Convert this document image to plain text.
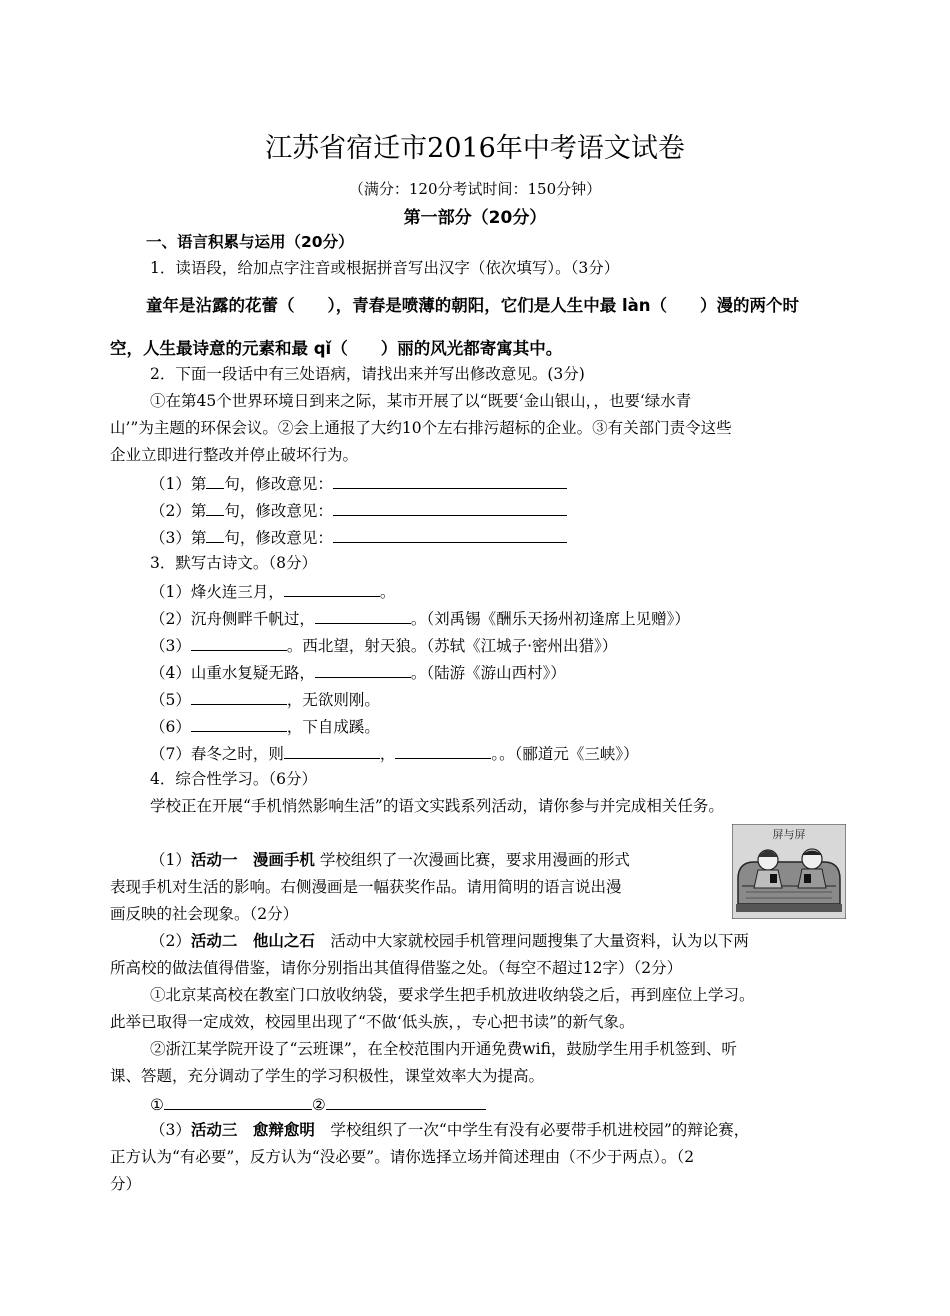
江苏省宿迁市2016年中考语文试卷
（满分：120分考试时间：150分钟）
第一部分（20分）
一、语言积累与运用（20分）
1．读语段，给加点字注音或根据拼音写出汉字（依次填写）。（3分）
童年是沾露的花蕾（　　），青春是喷薄的朝阳，它们是人生中最 làn（　　）漫的两个时
空，人生最诗意的元素和最 qǐ（　　）丽的风光都寄寓其中。
2．下面一段话中有三处语病，请找出来并写出修改意见。(3分)
①在第45个世界环境日到来之际，某市开展了以“既要‘金山银山，，也要‘绿水青
山’”为主题的环保会议。②会上通报了大约10个左右排污超标的企业。③有关部门责令这些
企业立即进行整改并停止破坏行为。
（1）第 句，修改意见：
（2）第 句，修改意见：
（3）第 句，修改意见：
3．默写古诗文。（8分）
（1）烽火连三月，	。
（2）沉舟侧畔千帆过，	。（刘禹锡《酬乐天扬州初逢席上见赠》）
（3）	。西北望，射天狼。（苏轼《江城子·密州出猎》）
（4）山重水复疑无路，	。（陆游《游山西村》）
（5）	，无欲则刚。
（6）	，下自成蹊。
（7）春冬之时，则	，	。。（郦道元《三峡》）
4．综合性学习。（6分）
学校正在开展“手机悄然影响生活”的语文实践系列活动，请你参与并完成相关任务。
（1）活动一　漫画手机 学校组织了一次漫画比赛，要求用漫画的形式
表现手机对生活的影响。右侧漫画是一幅获奖作品。请用简明的语言说出漫
画反映的社会现象。（2分）
屏与屏
（2）活动二　他山之石　活动中大家就校园手机管理问题搜集了大量资料，认为以下两
所高校的做法值得借鉴，请你分别指出其值得借鉴之处。（每空不超过12字）（2分）
①北京某高校在教室门口放收纳袋，要求学生把手机放进收纳袋之后，再到座位上学习。
此举已取得一定成效，校园里出现了“不做‘低头族，，专心把书读”的新气象。
②浙江某学院开设了“云班课”，在全校范围内开通免费wifi，鼓励学生用手机签到、听
课、答题，充分调动了学生的学习积极性，课堂效率大为提高。
①	②
（3）活动三　愈辩愈明　学校组织了一次“中学生有没有必要带手机进校园”的辩论赛，
正方认为“有必要”，反方认为“没必要”。请你选择立场并简述理由（不少于两点）。（2
分）
